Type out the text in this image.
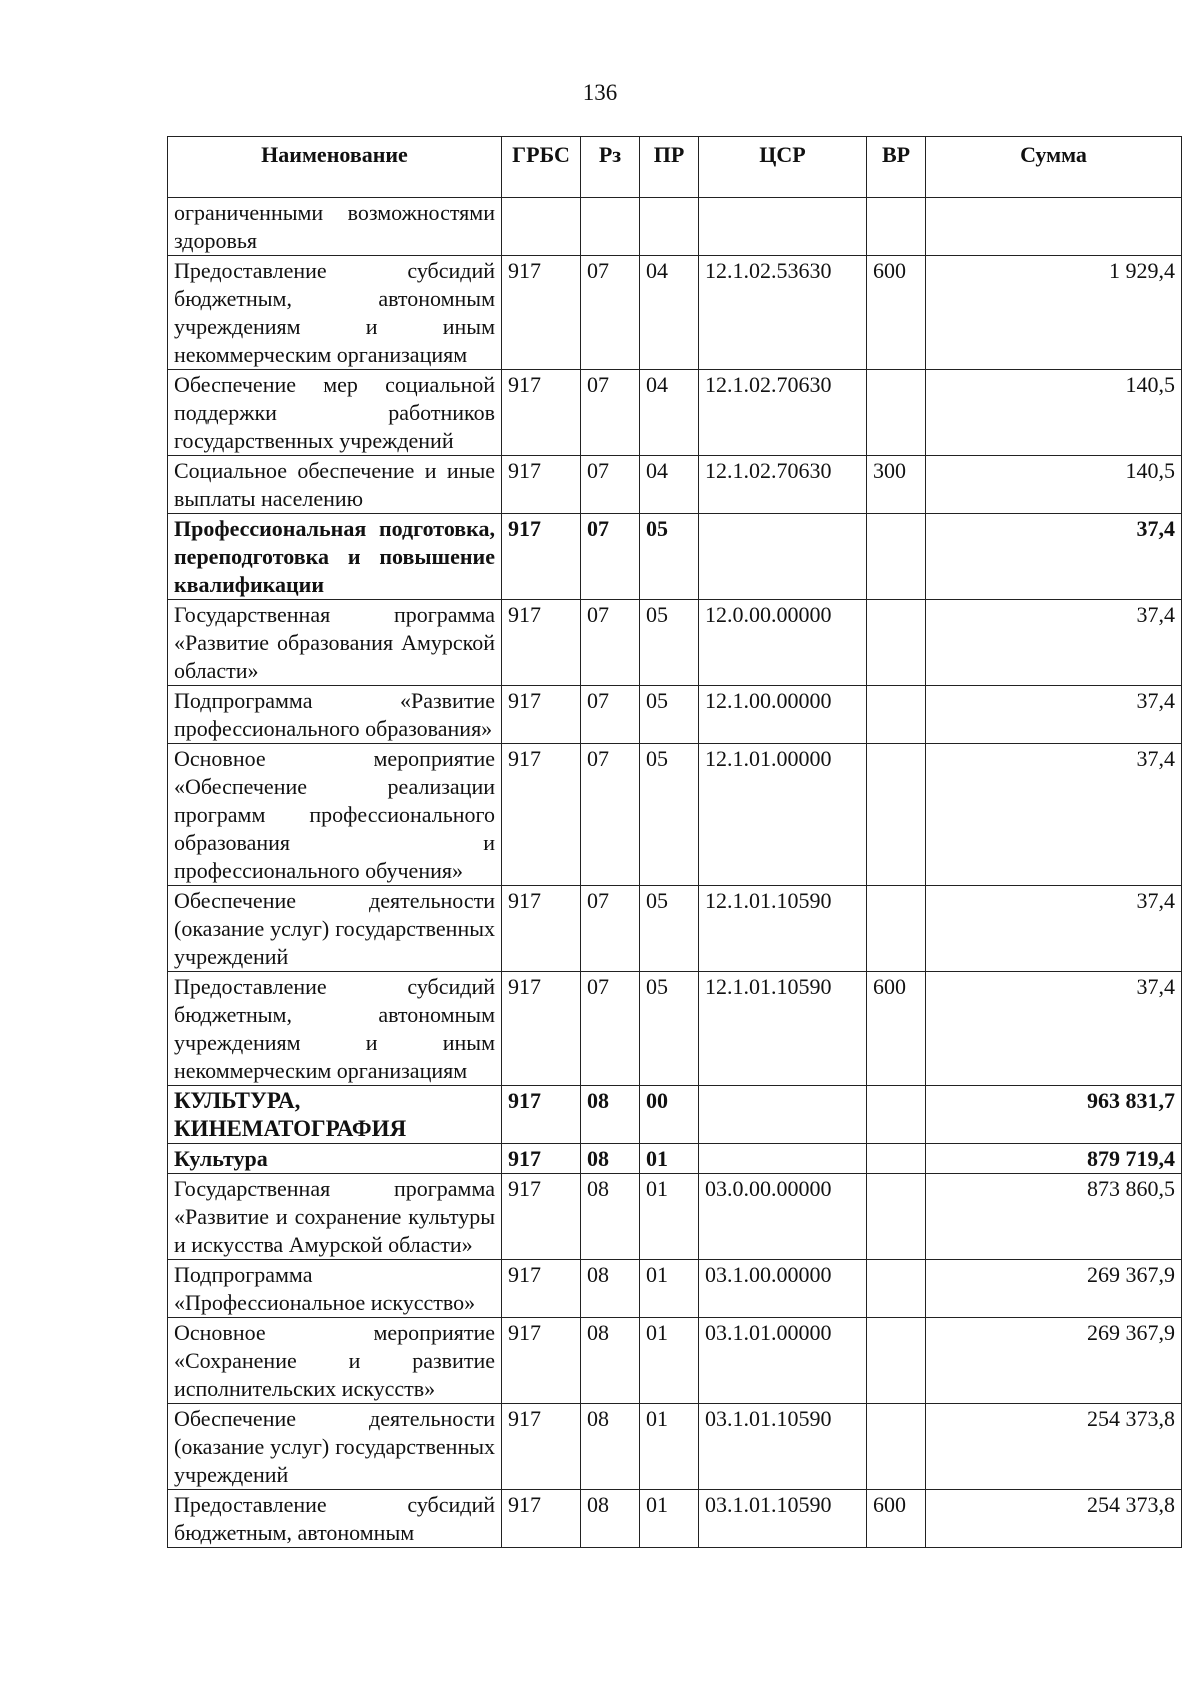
136
Наименование	ГРБС	Рз	ПР	ЦСР	ВР	Сумма
ограниченными возможностями здоровья						
Предоставление субсидий бюджетным, автономным учреждениям и иным некоммерческим организациям	917	07	04	12.1.02.53630	600	1 929,4
Обеспечение мер социальной поддержки работников государственных учреждений	917	07	04	12.1.02.70630		140,5
Социальное обеспечение и иные выплаты населению	917	07	04	12.1.02.70630	300	140,5
Профессиональная подготовка, переподготовка и повышение квалификации	917	07	05			37,4
Государственная программа «Развитие образования Амурской области»	917	07	05	12.0.00.00000		37,4
Подпрограмма «Развитие профессионального образования»	917	07	05	12.1.00.00000		37,4
Основное мероприятие «Обеспечение реализации программ профессионального образования и профессионального обучения»	917	07	05	12.1.01.00000		37,4
Обеспечение деятельности (оказание услуг) государственных учреждений	917	07	05	12.1.01.10590		37,4
Предоставление субсидий бюджетным, автономным учреждениям и иным некоммерческим организациям	917	07	05	12.1.01.10590	600	37,4
КУЛЬТУРА, КИНЕМАТОГРАФИЯ	917	08	00			963 831,7
Культура	917	08	01			879 719,4
Государственная программа «Развитие и сохранение культуры и искусства Амурской области»	917	08	01	03.0.00.00000		873 860,5
Подпрограмма «Профессиональное искусство»	917	08	01	03.1.00.00000		269 367,9
Основное мероприятие «Сохранение и развитие исполнительских искусств»	917	08	01	03.1.01.00000		269 367,9
Обеспечение деятельности (оказание услуг) государственных учреждений	917	08	01	03.1.01.10590		254 373,8
Предоставление субсидий бюджетным, автономным	917	08	01	03.1.01.10590	600	254 373,8
